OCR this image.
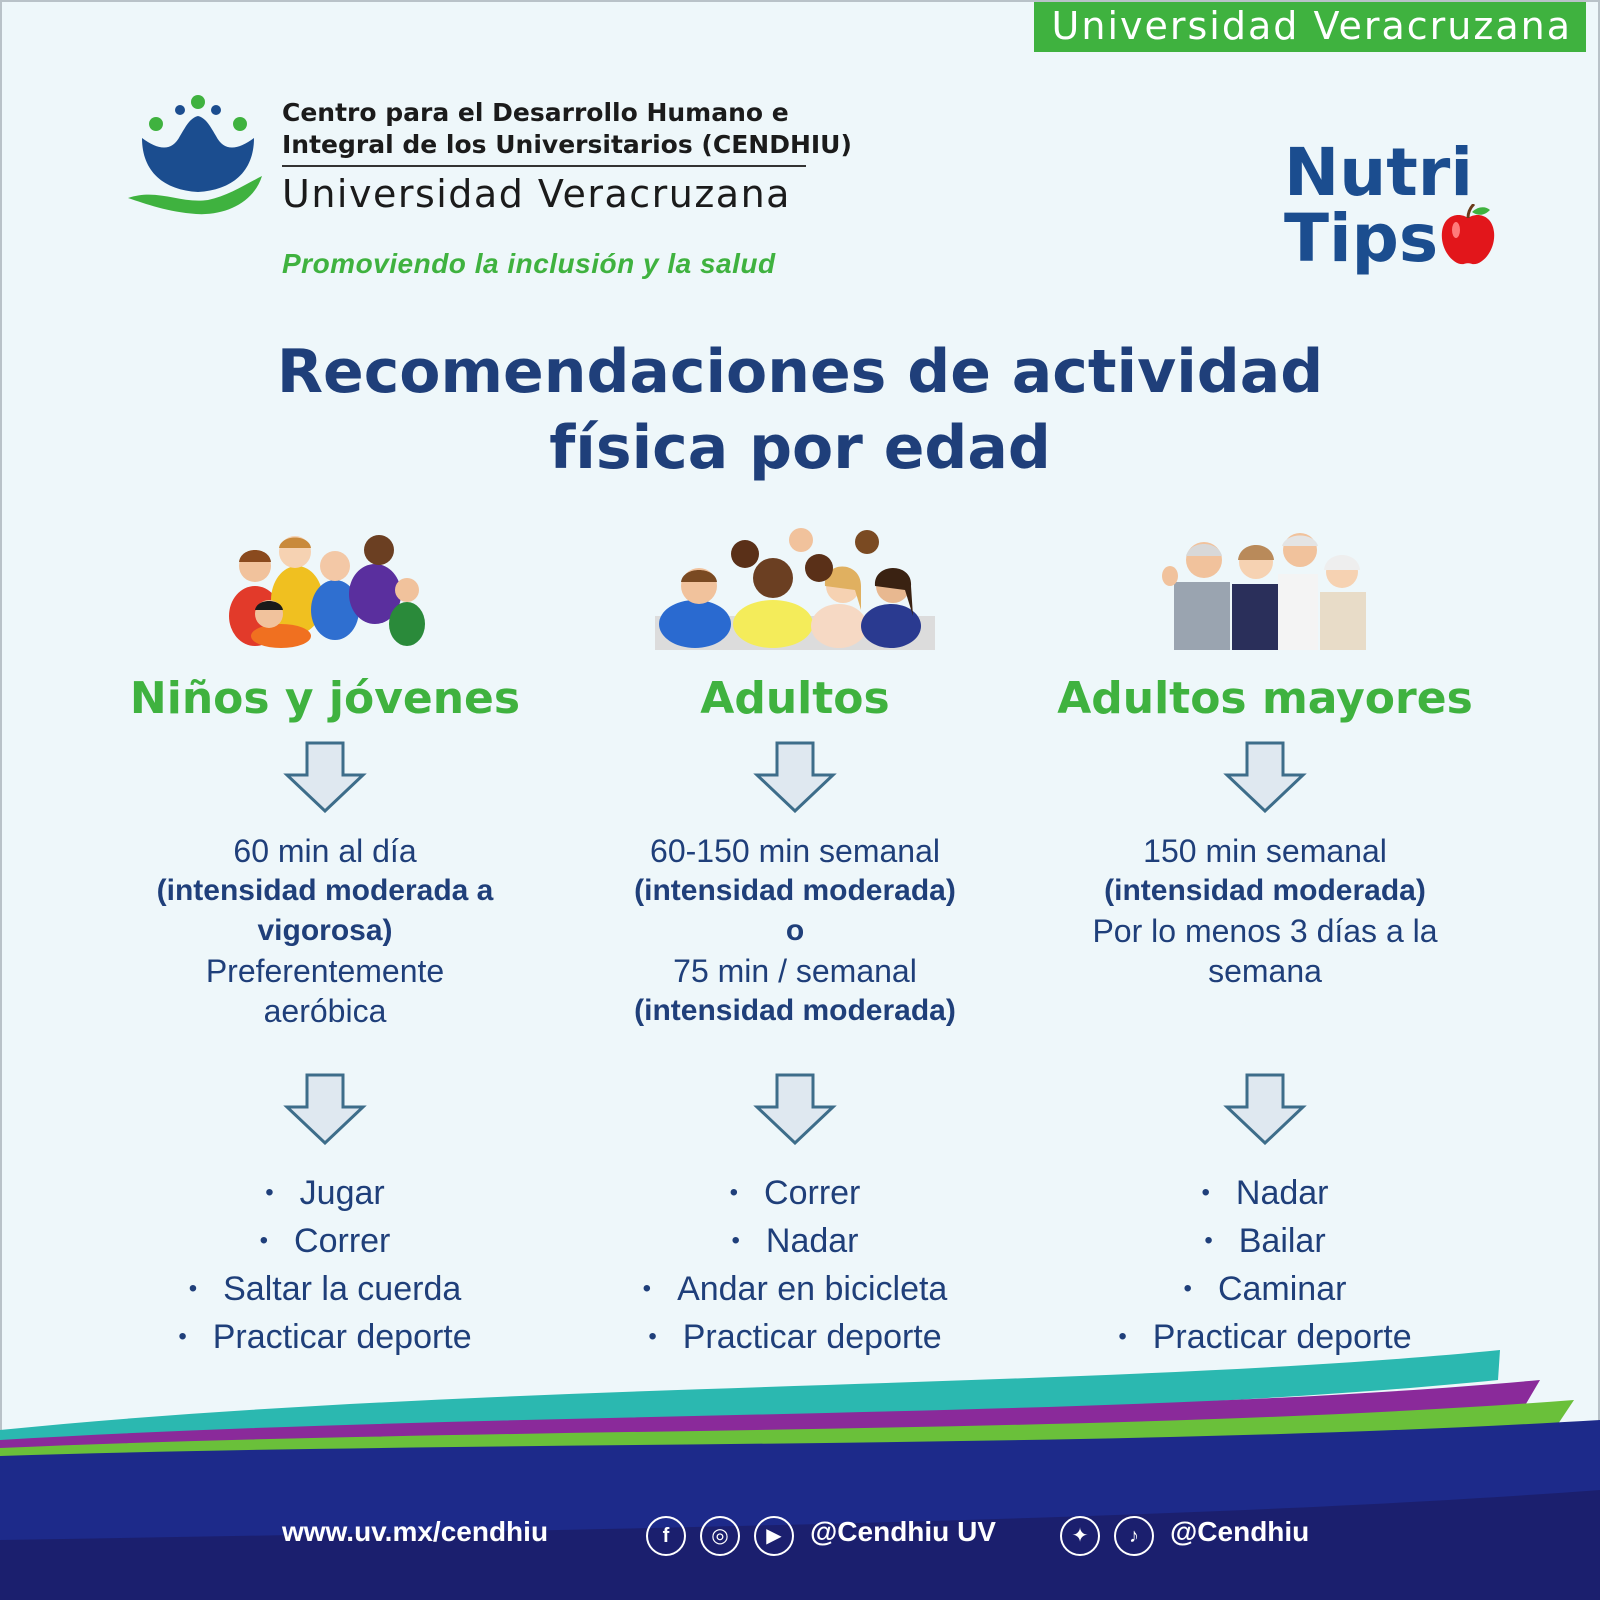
Universidad Veracruzana
Centro para el Desarrollo Humano e
Integral de los Universitarios (CENDHIU)
Universidad Veracruzana
Promoviendo la inclusión y la salud
Nutri
Tips
Recomendaciones de actividad
física por edad
Niños y jóvenes
60 min al día
(intensidad moderada a
vigorosa)
Preferentemente
aeróbica
• Jugar
• Correr
• Saltar la cuerda
• Practicar deporte
Adultos
60-150 min semanal
(intensidad moderada)
o
75 min / semanal
(intensidad moderada)
• Correr
• Nadar
• Andar en bicicleta
• Practicar deporte
Adultos mayores
150 min semanal
(intensidad moderada)
Por lo menos 3 días a la
semana
• Nadar
• Bailar
• Caminar
• Practicar deporte
www.uv.mx/cendhiu	f	◎	▶	@Cendhiu UV	✦	♪	@Cendhiu
